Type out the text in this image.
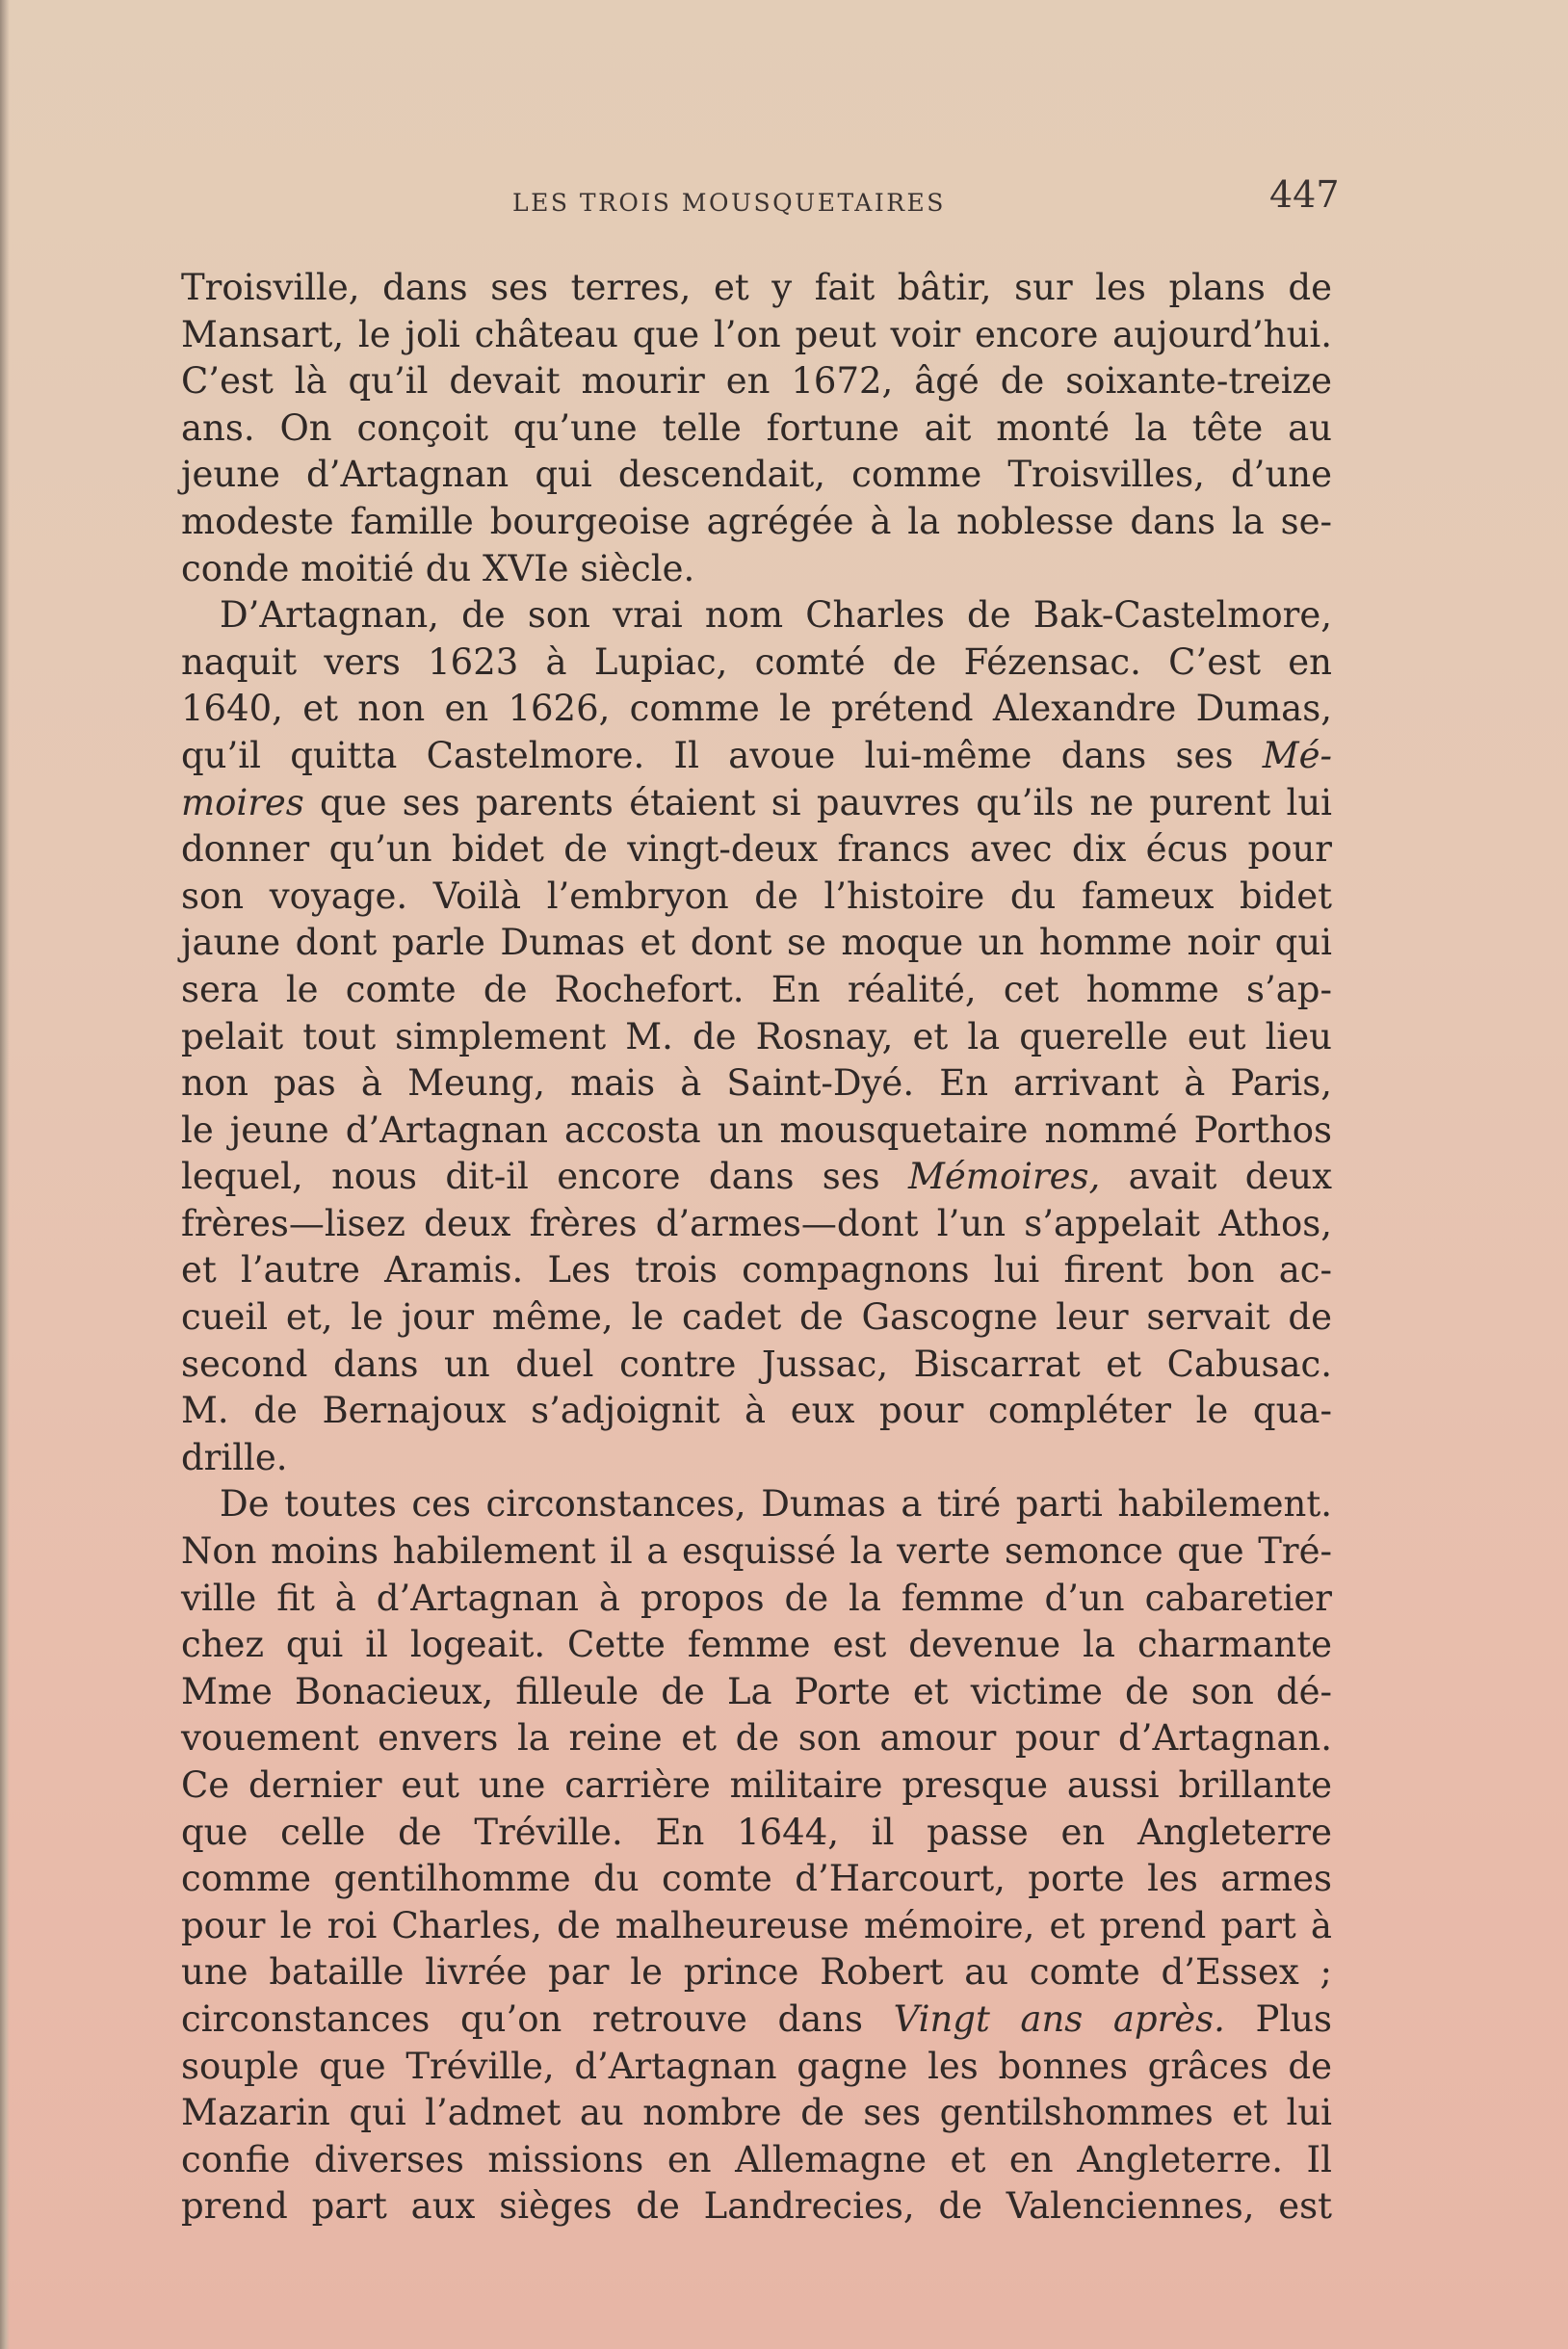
LES TROIS MOUSQUETAIRES	447
Troisville, dans ses terres, et y fait bâtir, sur les plans de
Mansart, le joli château que l’on peut voir encore aujourd’hui.
C’est là qu’il devait mourir en 1672, âgé de soixante-treize
ans. On conçoit qu’une telle fortune ait monté la tête au
jeune d’Artagnan qui descendait, comme Troisvilles, d’une
modeste famille bourgeoise agrégée à la noblesse dans la se-
conde moitié du XVIe siècle.
D’Artagnan, de son vrai nom Charles de Bak-Castelmore,
naquit vers 1623 à Lupiac, comté de Fézensac. C’est en
1640, et non en 1626, comme le prétend Alexandre Dumas,
qu’il quitta Castelmore. Il avoue lui-même dans ses Mé-
moires que ses parents étaient si pauvres qu’ils ne purent lui
donner qu’un bidet de vingt-deux francs avec dix écus pour
son voyage. Voilà l’embryon de l’histoire du fameux bidet
jaune dont parle Dumas et dont se moque un homme noir qui
sera le comte de Rochefort. En réalité, cet homme s’ap-
pelait tout simplement M. de Rosnay, et la querelle eut lieu
non pas à Meung, mais à Saint-Dyé. En arrivant à Paris,
le jeune d’Artagnan accosta un mousquetaire nommé Porthos
lequel, nous dit-il encore dans ses Mémoires, avait deux
frères—lisez deux frères d’armes—dont l’un s’appelait Athos,
et l’autre Aramis. Les trois compagnons lui firent bon ac-
cueil et, le jour même, le cadet de Gascogne leur servait de
second dans un duel contre Jussac, Biscarrat et Cabusac.
M. de Bernajoux s’adjoignit à eux pour compléter le qua-
drille.
De toutes ces circonstances, Dumas a tiré parti habilement.
Non moins habilement il a esquissé la verte semonce que Tré-
ville fit à d’Artagnan à propos de la femme d’un cabaretier
chez qui il logeait. Cette femme est devenue la charmante
Mme Bonacieux, filleule de La Porte et victime de son dé-
vouement envers la reine et de son amour pour d’Artagnan.
Ce dernier eut une carrière militaire presque aussi brillante
que celle de Tréville. En 1644, il passe en Angleterre
comme gentilhomme du comte d’Harcourt, porte les armes
pour le roi Charles, de malheureuse mémoire, et prend part à
une bataille livrée par le prince Robert au comte d’Essex ;
circonstances qu’on retrouve dans Vingt ans après. Plus
souple que Tréville, d’Artagnan gagne les bonnes grâces de
Mazarin qui l’admet au nombre de ses gentilshommes et lui
confie diverses missions en Allemagne et en Angleterre. Il
prend part aux sièges de Landrecies, de Valenciennes, est
